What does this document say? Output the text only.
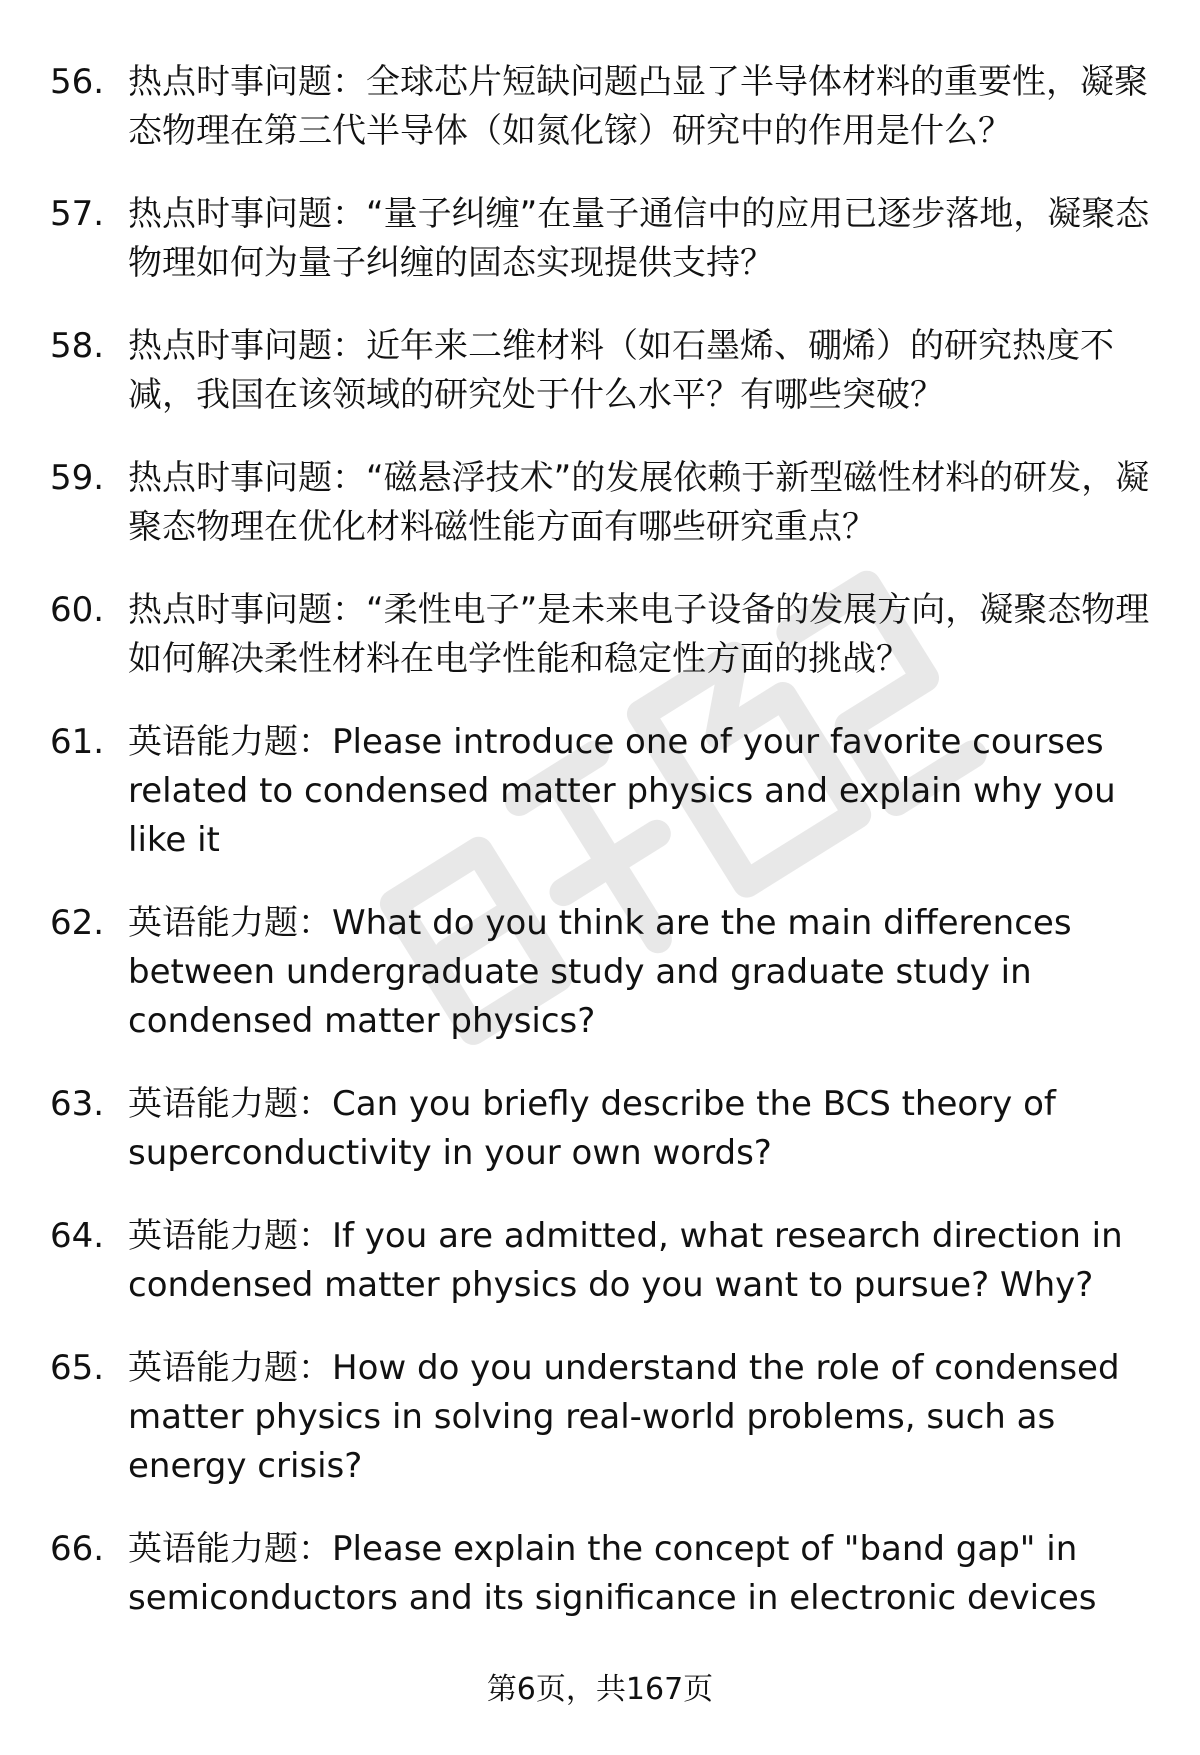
56. 热点时事问题：全球芯片短缺问题凸显了半导体材料的重要性，凝聚态物理在第三代半导体（如氮化镓）研究中的作用是什么？
57. 热点时事问题：“量子纠缠”在量子通信中的应用已逐步落地，凝聚态物理如何为量子纠缠的固态实现提供支持？
58. 热点时事问题：近年来二维材料（如石墨烯、硼烯）的研究热度不减，我国在该领域的研究处于什么水平？有哪些突破？
59. 热点时事问题：“磁悬浮技术”的发展依赖于新型磁性材料的研发，凝聚态物理在优化材料磁性能方面有哪些研究重点？
60. 热点时事问题：“柔性电子”是未来电子设备的发展方向，凝聚态物理如何解决柔性材料在电学性能和稳定性方面的挑战？
61. 英语能力题：Please introduce one of your favorite courses related to condensed matter physics and explain why you like it
62. 英语能力题：What do you think are the main differences between undergraduate study and graduate study in condensed matter physics?
63. 英语能力题：Can you briefly describe the BCS theory of superconductivity in your own words?
64. 英语能力题：If you are admitted, what research direction in condensed matter physics do you want to pursue? Why?
65. 英语能力题：How do you understand the role of condensed matter physics in solving real-world problems, such as energy crisis?
66. 英语能力题：Please explain the concept of "band gap" in semiconductors and its significance in electronic devices
第6页，共167页
